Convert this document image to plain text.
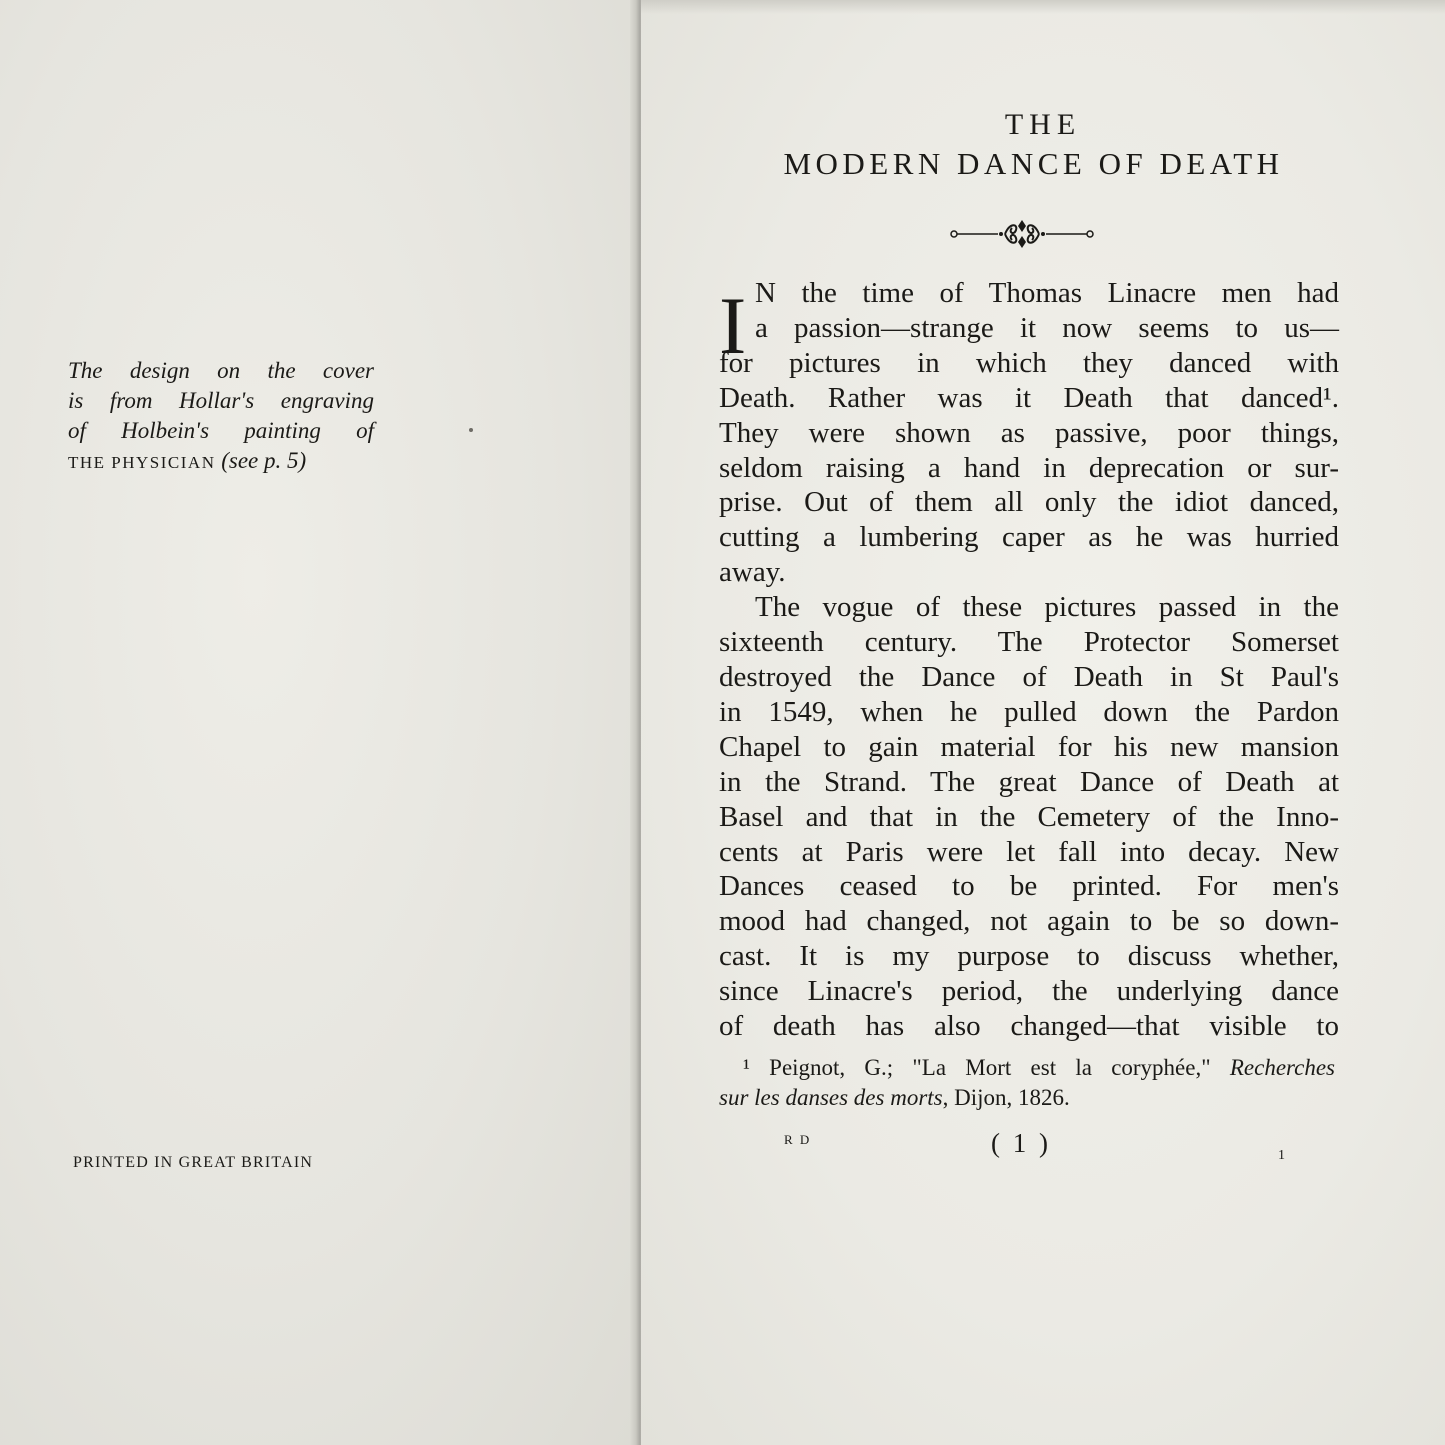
The design on the cover
is from Hollar's engraving
of Holbein's painting of
THE PHYSICIAN (see p. 5)
PRINTED IN GREAT BRITAIN
THE
MODERN DANCE OF DEATH
I N the time of Thomas Linacre men had
a passion—strange it now seems to us—
for pictures in which they danced with
Death. Rather was it Death that danced¹.
They were shown as passive, poor things,
seldom raising a hand in deprecation or sur-
prise. Out of them all only the idiot danced,
cutting a lumbering caper as he was hurried
away.
The vogue of these pictures passed in the
sixteenth century. The Protector Somerset
destroyed the Dance of Death in St Paul's
in 1549, when he pulled down the Pardon
Chapel to gain material for his new mansion
in the Strand. The great Dance of Death at
Basel and that in the Cemetery of the Inno-
cents at Paris were let fall into decay. New
Dances ceased to be printed. For men's
mood had changed, not again to be so down-
cast. It is my purpose to discuss whether,
since Linacre's period, the underlying dance
of death has also changed—that visible to
¹ Peignot, G.; "La Mort est la coryphée," Recherches
sur les danses des morts, Dijon, 1826.
R D	( 1 )	1
